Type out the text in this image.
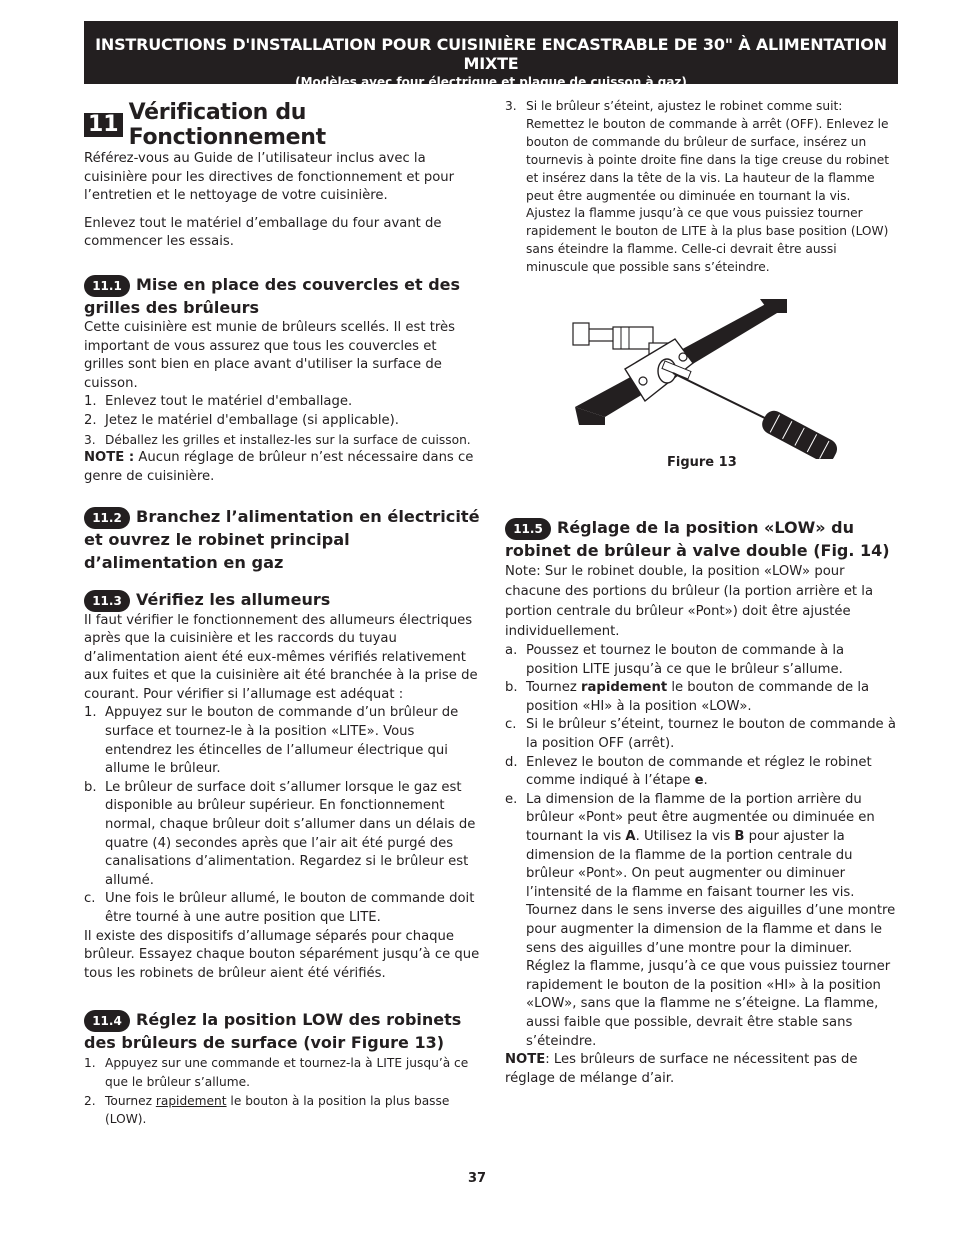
INSTRUCTIONS D'INSTALLATION POUR CUISINIÈRE ENCASTRABLE DE 30" À ALIMENTATION MIXTE
(Modèles avec four électrique et plaque de cuisson à gaz)
11 Vérification du Fonctionnement

Référez-vous au Guide de l’utilisateur inclus avec la cuisinière pour les directives de fonctionnement et pour l’entretien et le nettoyage de votre cuisinière.

Enlevez tout le matériel d’emballage du four avant de commencer les essais.

11.1 Mise en place des couvercles et des grilles des brûleurs

Cette cuisinière est munie de brûleurs scellés. Il est très important de vous assurez que tous les couvercles et grilles sont bien en place avant d'utiliser la surface de cuisson.

1. Enlevez tout le matériel d'emballage.
2. Jetez le matériel d'emballage (si applicable).
3. Déballez les grilles et installez-les sur la surface de cuisson.

NOTE : Aucun réglage de brûleur n’est nécessaire dans ce genre de cuisinière.

11.2 Branchez l’alimentation en électricité et ouvrez le robinet principal d’alimentation en gaz
11.3 Vérifiez les allumeurs

Il faut vérifier le fonctionnement des allumeurs électriques après que la cuisinière et les raccords du tuyau d’alimentation aient été eux-mêmes vérifiés relativement aux fuites et que la cuisinière ait été branchée à la prise de courant. Pour vérifier si l’allumage est adéquat :

1. Appuyez sur le bouton de commande d’un brûleur de surface et tournez-le à la position «LITE». Vous entendrez les étincelles de l’allumeur électrique qui allume le brûleur.
b. Le brûleur de surface doit s’allumer lorsque le gaz est disponible au brûleur supérieur. En fonctionnement normal, chaque brûleur doit s’allumer dans un délais de quatre (4) secondes après que l’air ait été purgé des canalisations d’alimentation. Regardez si le brûleur est allumé.
c. Une fois le brûleur allumé, le bouton de commande doit être tourné à une autre position que LITE.

Il existe des dispositifs d’allumage séparés pour chaque brûleur. Essayez chaque bouton séparément jusqu’à ce que tous les robinets de brûleur aient été vérifiés.

11.4 Réglez la position LOW des robinets des brûleurs de surface (voir Figure 13)
1. Appuyez sur une commande et tournez-la à LITE jusqu’à ce que le brûleur s’allume.
2. Tournez rapidement le bouton à la position la plus basse (LOW).
3. Si le brûleur s’éteint, ajustez le robinet comme suit: Remettez le bouton de commande à arrêt (OFF). Enlevez le bouton de commande du brûleur de surface, insérez un tournevis à pointe droite fine dans la tige creuse du robinet et insérez dans la tête de la vis. La hauteur de la flamme peut être augmentée ou diminuée en tournant la vis. Ajustez la flamme jusqu’à ce que vous puissiez tourner rapidement le bouton de LITE à la plus base position (LOW) sans éteindre la flamme. Celle-ci devrait être aussi minuscule que possible sans s’éteindre.
Figure 13
11.5 Réglage de la position «LOW» du robinet de brûleur à valve double (Fig. 14)

Note: Sur le robinet double, la position «LOW» pour chacune des portions du brûleur (la portion arrière et la portion centrale du brûleur «Pont») doit être ajustée individuellement.

a. Poussez et tournez le bouton de commande à la position LITE jusqu’à ce que le brûleur s’allume.
b. Tournez rapidement le bouton de commande de la position «HI» à la position «LOW».
c. Si le brûleur s’éteint, tournez le bouton de commande à la position OFF (arrêt).
d. Enlevez le bouton de commande et réglez le robinet comme indiqué à l’étape e.
e. La dimension de la flamme de la portion arrière du brûleur «Pont» peut être augmentée ou diminuée en tournant la vis A. Utilisez la vis B pour ajuster la dimension de la flamme de la portion centrale du brûleur «Pont». On peut augmenter ou diminuer l’intensité de la flamme en faisant tourner les vis. Tournez dans le sens inverse des aiguilles d’une montre pour augmenter la dimension de la flamme et dans le sens des aiguilles d’une montre pour la diminuer. Réglez la flamme, jusqu’à ce que vous puissiez tourner rapidement le bouton de la position «HI» à la position «LOW», sans que la flamme ne s’éteigne. La flamme, aussi faible que possible, devrait être stable sans s’éteindre.

NOTE: Les brûleurs de surface ne nécessitent pas de réglage de mélange d’air.

37
